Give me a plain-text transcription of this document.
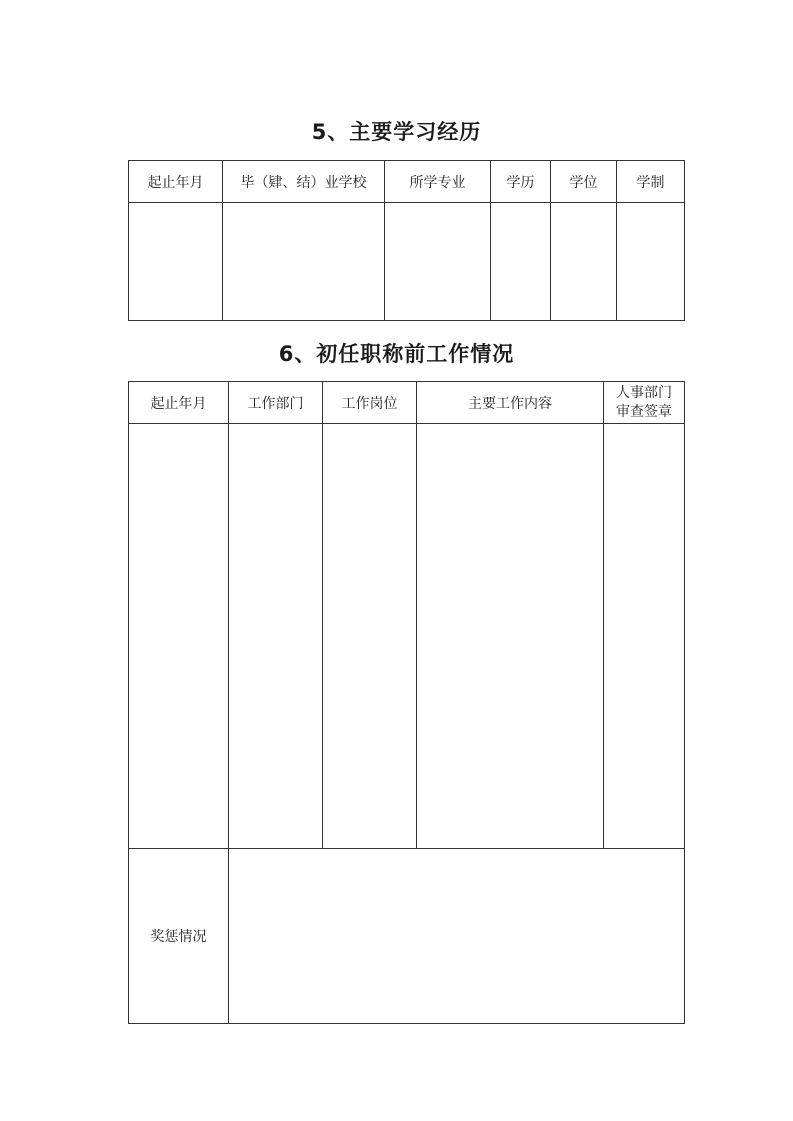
5、主要学习经历
起止年月	毕（肄、结）业学校	所学专业	学历	学位	学制

6、初任职称前工作情况
起止年月	工作部门	工作岗位	主要工作内容	人事部门
审查签章

奖惩情况				
